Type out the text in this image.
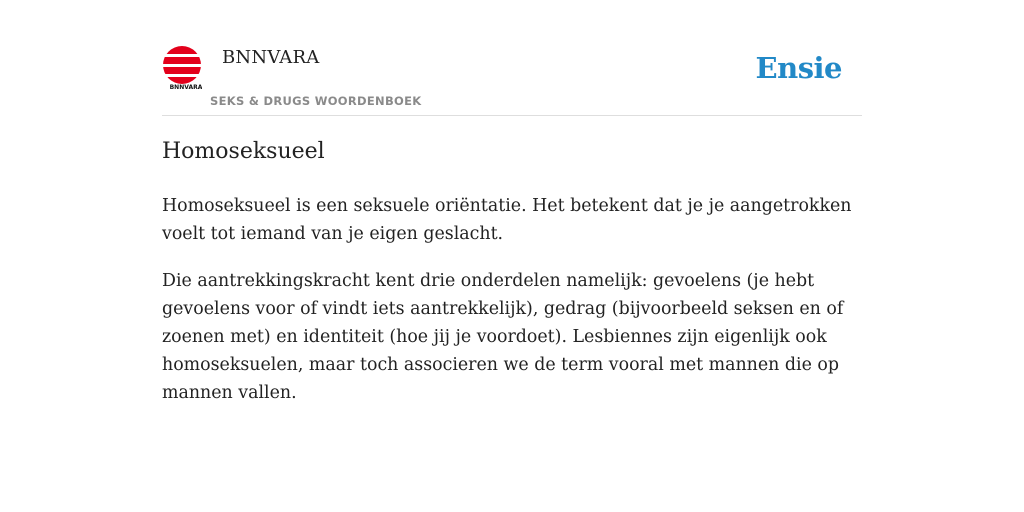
BNNVARA
BNNVARA
SEKS & DRUGS WOORDENBOEK
Ensie
Homoseksueel

Homoseksueel is een seksuele oriëntatie. Het betekent dat je je aangetrokken voelt tot iemand van je eigen geslacht.

Die aantrekkingskracht kent drie onderdelen namelijk: gevoelens (je hebt gevoelens voor of vindt iets aantrekkelijk), gedrag (bijvoorbeeld seksen en of zoenen met) en identiteit (hoe jij je voordoet). Lesbiennes zijn eigenlijk ook homoseksuelen, maar toch associeren we de term vooral met mannen die op mannen vallen.
